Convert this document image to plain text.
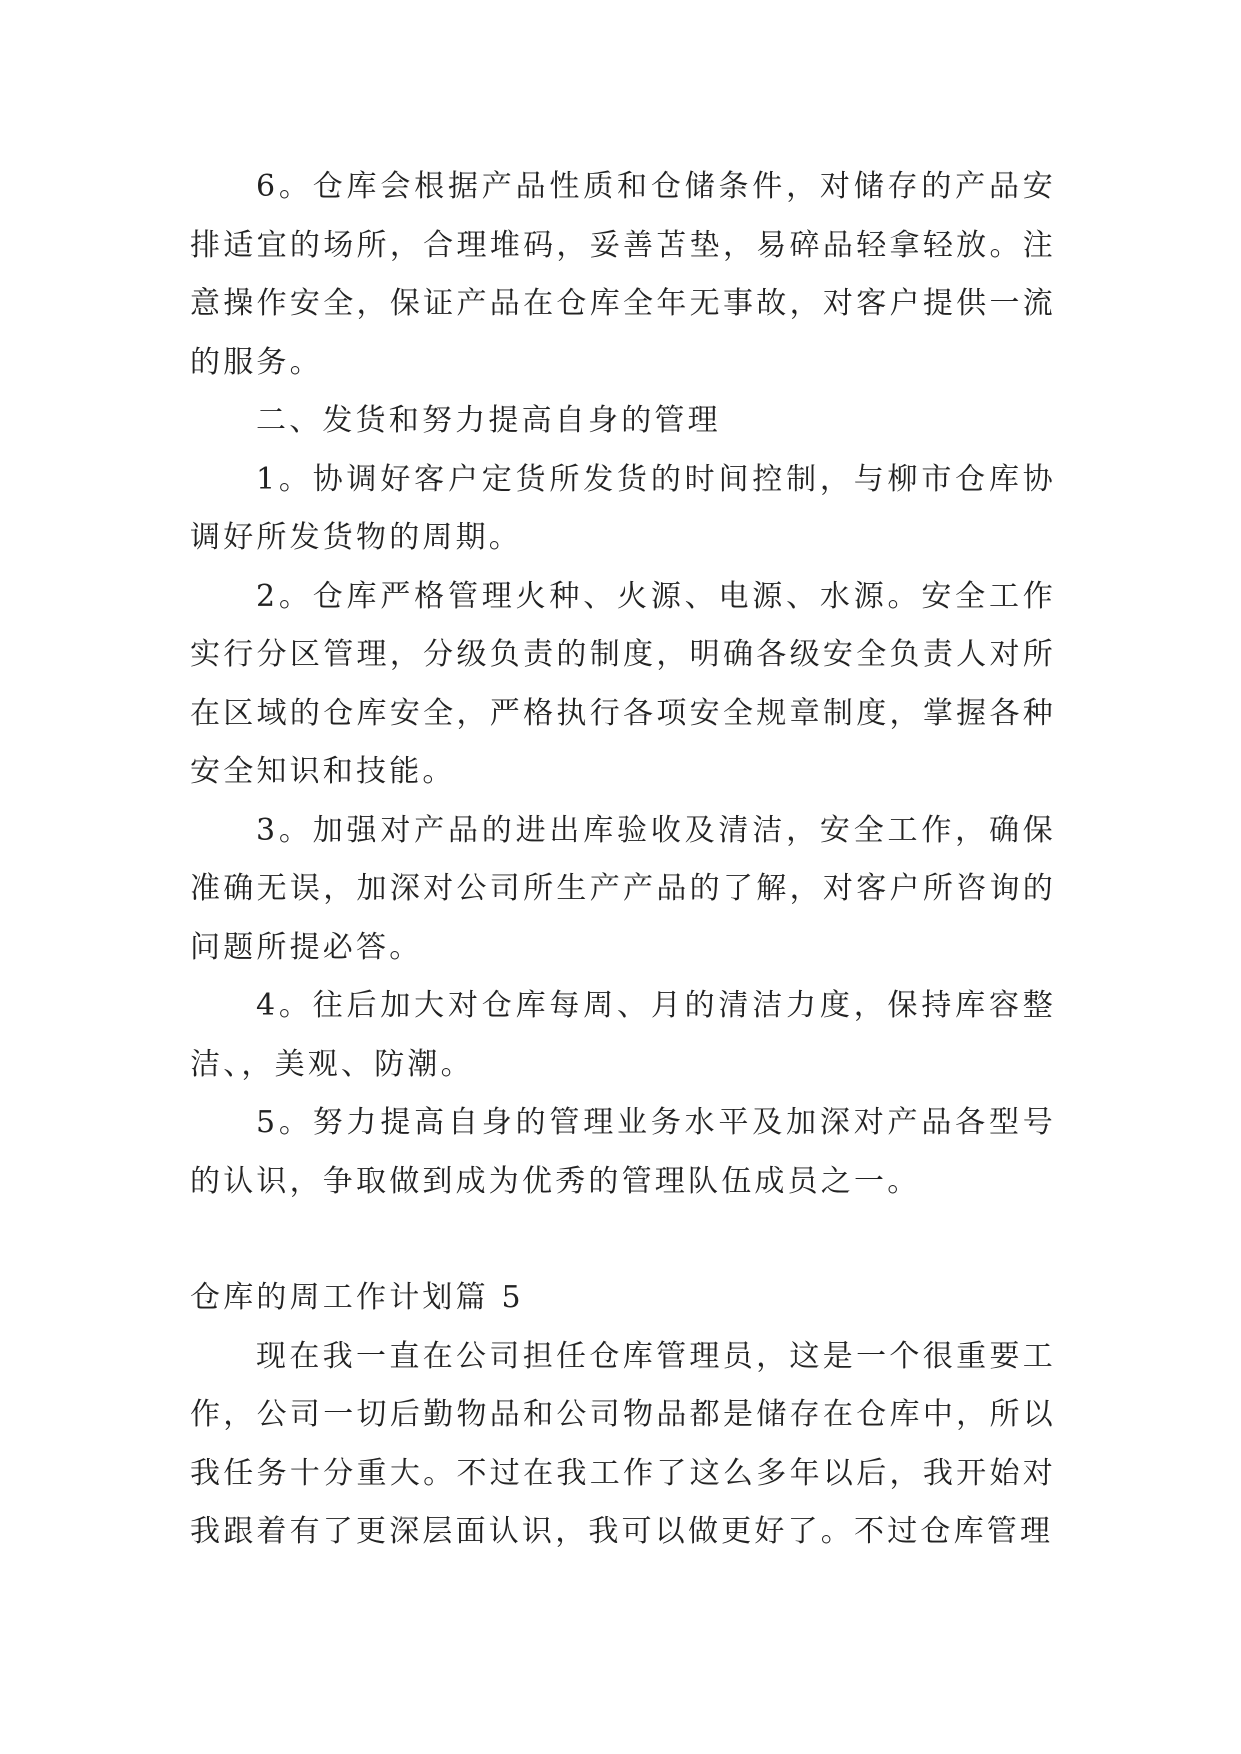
6。仓库会根据产品性质和仓储条件，对储存的产品安排适宜的场所，合理堆码，妥善苫垫，易碎品轻拿轻放。注意操作安全，保证产品在仓库全年无事故，对客户提供一流的服务。

二、发货和努力提高自身的管理

1。协调好客户定货所发货的时间控制，与柳市仓库协调好所发货物的周期。

2。仓库严格管理火种、火源、电源、水源。安全工作实行分区管理，分级负责的制度，明确各级安全负责人对所在区域的仓库安全，严格执行各项安全规章制度，掌握各种安全知识和技能。

3。加强对产品的进出库验收及清洁，安全工作，确保准确无误，加深对公司所生产产品的了解，对客户所咨询的问题所提必答。

4。往后加大对仓库每周、月的清洁力度，保持库容整洁、，美观、防潮。

5。努力提高自身的管理业务水平及加深对产品各型号的认识，争取做到成为优秀的管理队伍成员之一。

仓库的周工作计划篇 5

现在我一直在公司担任仓库管理员，这是一个很重要工作，公司一切后勤物品和公司物品都是储存在仓库中，所以我任务十分重大。不过在我工作了这么多年以后，我开始对我跟着有了更深层面认识，我可以做更好了。不过仓库管理
